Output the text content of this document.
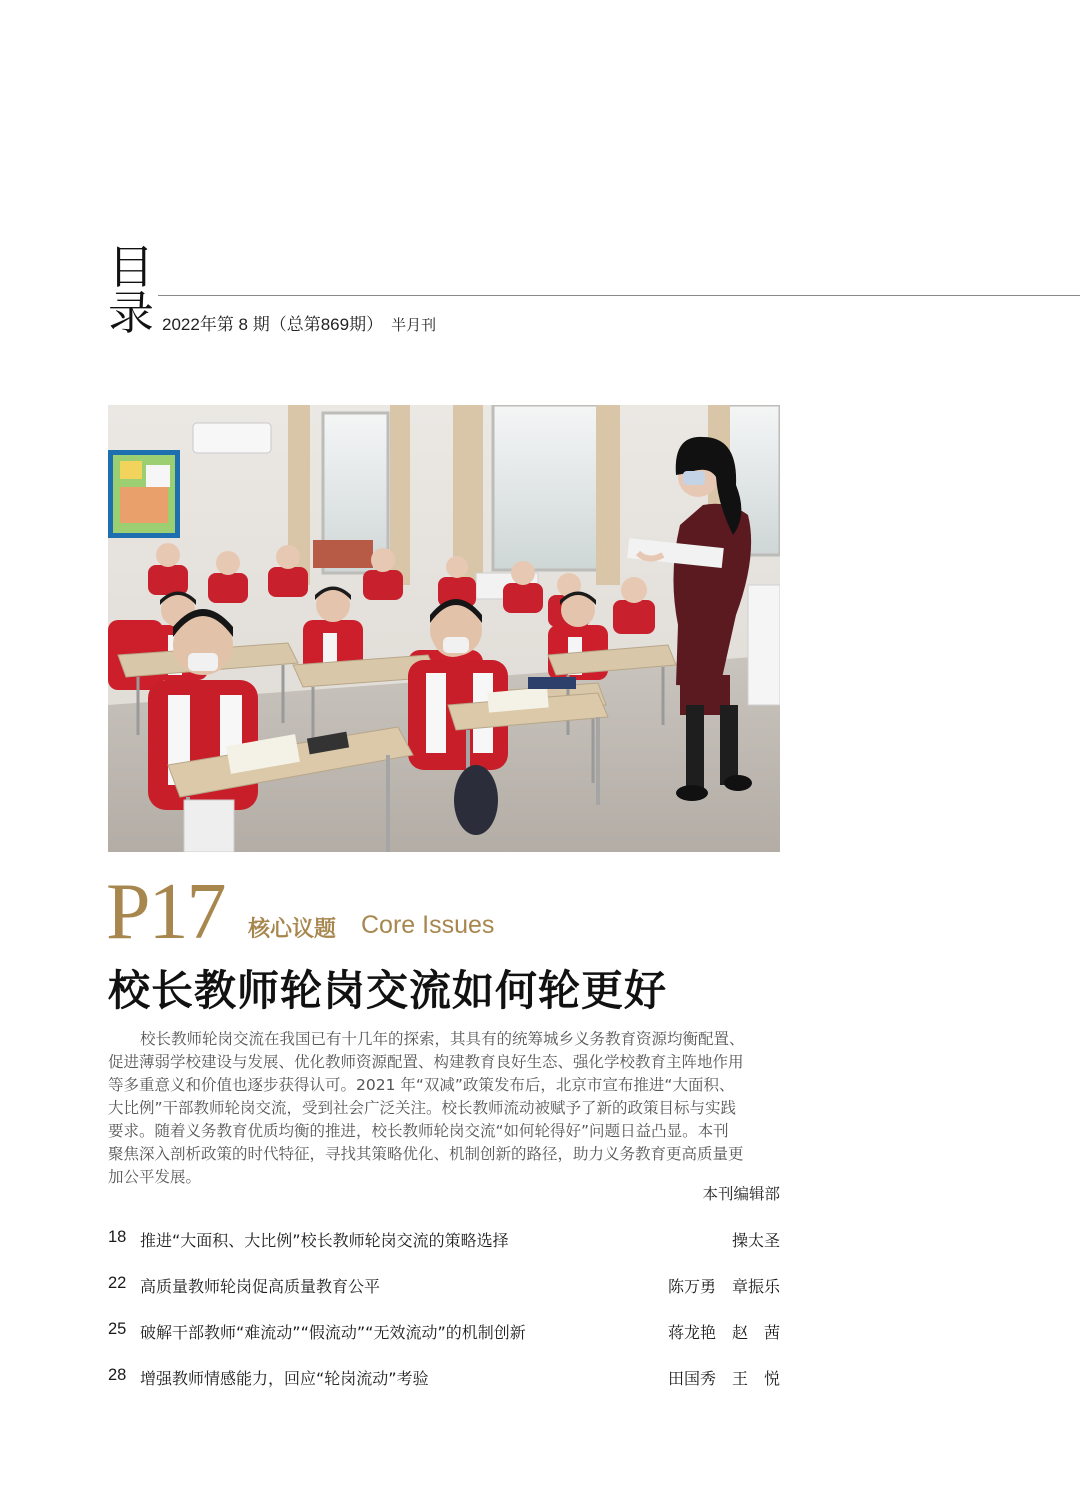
目
录 2022年第 8 期（总第869期） 半月刊
P17 核心议题 Core Issues
校长教师轮岗交流如何轮更好
校长教师轮岗交流在我国已有十几年的探索，其具有的统筹城乡义务教育资源均衡配置、
促进薄弱学校建设与发展、优化教师资源配置、构建教育良好生态、强化学校教育主阵地作用
等多重意义和价值也逐步获得认可。2021 年“双减”政策发布后，北京市宣布推进“大面积、
大比例”干部教师轮岗交流，受到社会广泛关注。校长教师流动被赋予了新的政策目标与实践
要求。随着义务教育优质均衡的推进，校长教师轮岗交流“如何轮得好”问题日益凸显。本刊
聚焦深入剖析政策的时代特征，寻找其策略优化、机制创新的路径，助力义务教育更高质量更
加公平发展。
本刊编辑部
18 推进“大面积、大比例”校长教师轮岗交流的策略选择	操太圣
22 高质量教师轮岗促高质量教育公平	陈万勇　章振乐
25 破解干部教师“难流动”“假流动”“无效流动”的机制创新	蒋龙艳　赵　茜
28 增强教师情感能力，回应“轮岗流动”考验	田国秀　王　悦
